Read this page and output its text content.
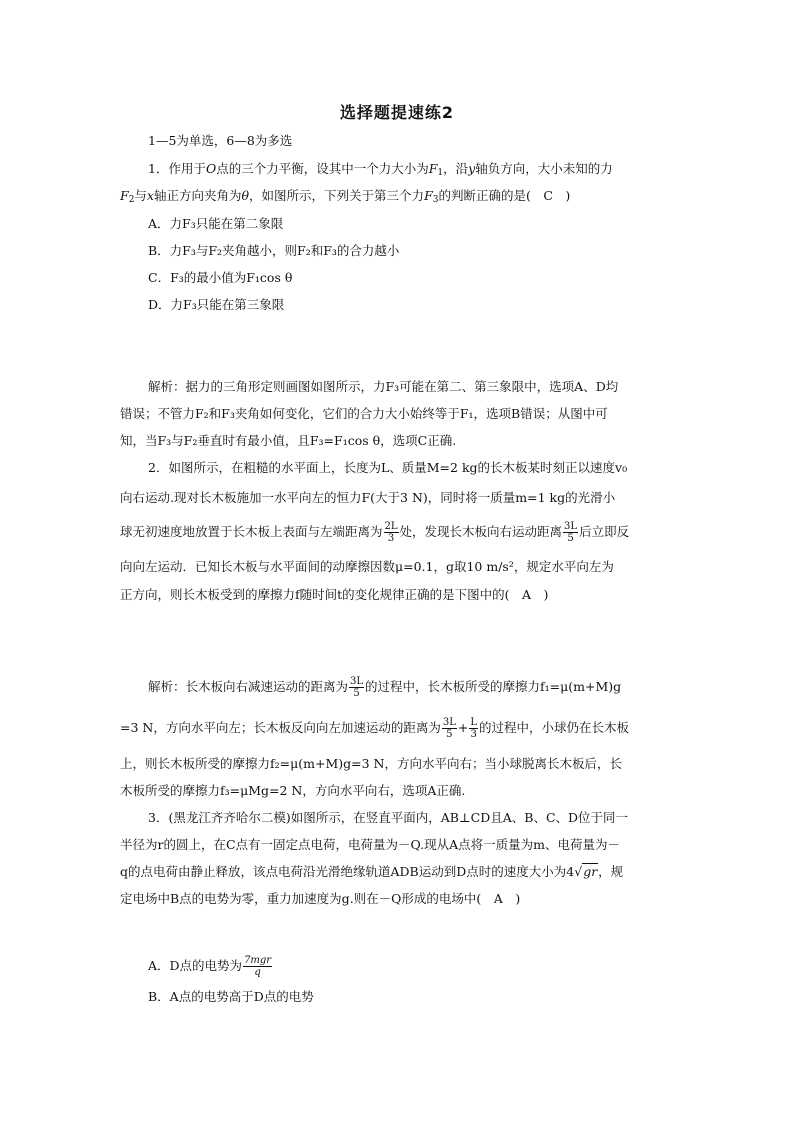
选择题提速练2
1—5为单选，6—8为多选
1．作用于O点的三个力平衡，设其中一个力大小为$F_1$，沿y轴负方向，大小未知的力
$F_2$与x轴正方向夹角为θ，如图所示，下列关于第三个力$F_3$的判断正确的是(　C　)
A．力F₃只能在第二象限
B．力F₃与F₂夹角越小，则F₂和F₃的合力越小
C．F₃的最小值为F₁cos θ
D．力F₃只能在第三象限
解析：据力的三角形定则画图如图所示，力F₃可能在第二、第三象限中，选项A、D均
错误；不管力F₂和F₃夹角如何变化，它们的合力大小始终等于F₁，选项B错误；从图中可
知，当F₃与F₂垂直时有最小值，且F₃=F₁cos θ，选项C正确.
2．如图所示，在粗糙的水平面上，长度为L、质量M=2 kg的长木板某时刻正以速度v₀
向右运动.现对长木板施加一水平向左的恒力F(大于3 N)，同时将一质量m=1 kg的光滑小
球无初速度地放置于长木板上表面与左端距离为 $\frac{2L}{3}$ 处，发现长木板向右运动距离 $\frac{3L}{5}$ 后立即反
向向左运动．已知长木板与水平面间的动摩擦因数μ=0.1，g取10 m/s²，规定水平向左为
正方向，则长木板受到的摩擦力f随时间t的变化规律正确的是下图中的(　A　)
解析：长木板向右减速运动的距离为 $\frac{3L}{5}$ 的过程中，长木板所受的摩擦力f₁=μ(m+M)g
=3 N，方向水平向左；长木板反向向左加速运动的距离为 $\frac{3L}{5} + \frac{L}{3}$ 的过程中，小球仍在长木板
上，则长木板所受的摩擦力f₂=μ(m+M)g=3 N，方向水平向右；当小球脱离长木板后，长
木板所受的摩擦力f₃=μMg=2 N，方向水平向右，选项A正确.
3．(黑龙江齐齐哈尔二模)如图所示，在竖直平面内，AB⊥CD且A、B、C、D位于同一
半径为r的圆上，在C点有一固定点电荷，电荷量为－Q.现从A点将一质量为m、电荷量为－
q的点电荷由静止释放，该点电荷沿光滑绝缘轨道ADB运动到D点时的速度大小为4√gr，规
定电场中B点的电势为零，重力加速度为g.则在－Q形成的电场中(　A　)
A．D点的电势为 $\frac{\text{7mgr}}{q}$
B．A点的电势高于D点的电势
